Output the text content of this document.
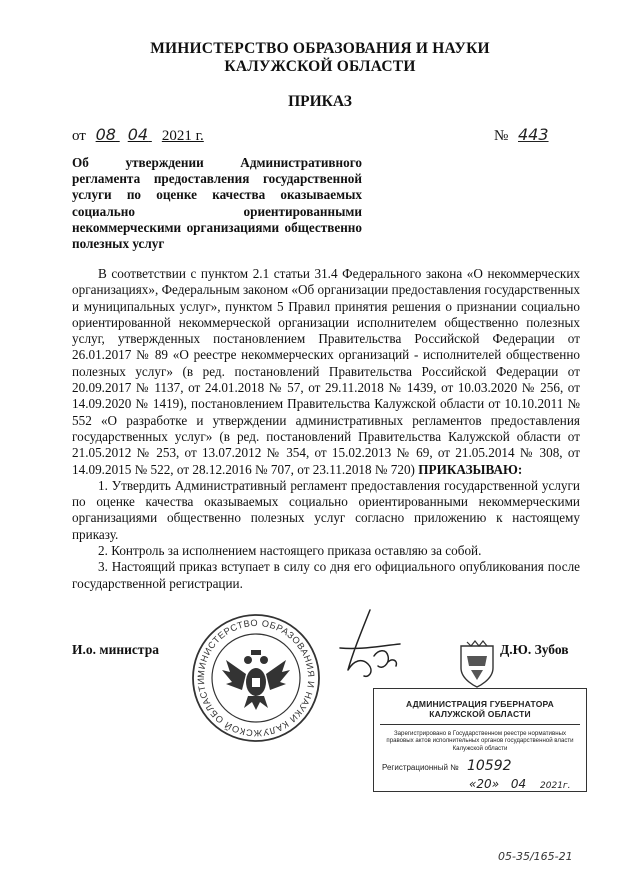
МИНИСТЕРСТВО ОБРАЗОВАНИЯ И НАУКИ
КАЛУЖСКОЙ ОБЛАСТИ
ПРИКАЗ
от 08 04 2021 г.	№ 443
Об утверждении Административного регламента предоставления государственной услуги по оценке качества оказываемых социально ориентированными некоммерческими организациями общественно полезных услуг

В соответствии с пунктом 2.1 статьи 31.4 Федерального закона «О некоммерческих организациях», Федеральным законом «Об организации предоставления государственных и муниципальных услуг», пунктом 5 Правил принятия решения о признании социально ориентированной некоммерческой организации исполнителем общественно полезных услуг, утвержденных постановлением Правительства Российской Федерации от 26.01.2017 № 89 «О реестре некоммерческих организаций - исполнителей общественно полезных услуг» (в ред. постановлений Правительства Российской Федерации от 20.09.2017 № 1137, от 24.01.2018 № 57, от 29.11.2018 № 1439, от 10.03.2020 № 256, от 14.09.2020 № 1419), постановлением Правительства Калужской области от 10.10.2011 № 552 «О разработке и утверждении административных регламентов предоставления государственных услуг» (в ред. постановлений Правительства Калужской области от 21.05.2012 № 253, от 13.07.2012 № 354, от 15.02.2013 № 69, от 21.05.2014 № 308, от 14.09.2015 № 522, от 28.12.2016 № 707, от 23.11.2018 № 720) ПРИКАЗЫВАЮ:

1. Утвердить Административный регламент предоставления государственной услуги по оценке качества оказываемых социально ориентированными некоммерческими организациями общественно полезных услуг согласно приложению к настоящему приказу.

2. Контроль за исполнением настоящего приказа оставляю за собой.

3. Настоящий приказ вступает в силу со дня его официального опубликования после государственной регистрации.

И.о. министра
МИНИСТЕРСТВО ОБРАЗОВАНИЯ И НАУКИ КАЛУЖСКОЙ ОБЛАСТИ
Д.Ю. Зубов
АДМИНИСТРАЦИЯ ГУБЕРНАТОРА КАЛУЖСКОЙ ОБЛАСТИ
Зарегистрировано в Государственном реестре нормативных правовых актов исполнительных органов государственной власти Калужской области
Регистрационный № 10592
«20» 04 2021г.
05-35/165-21
